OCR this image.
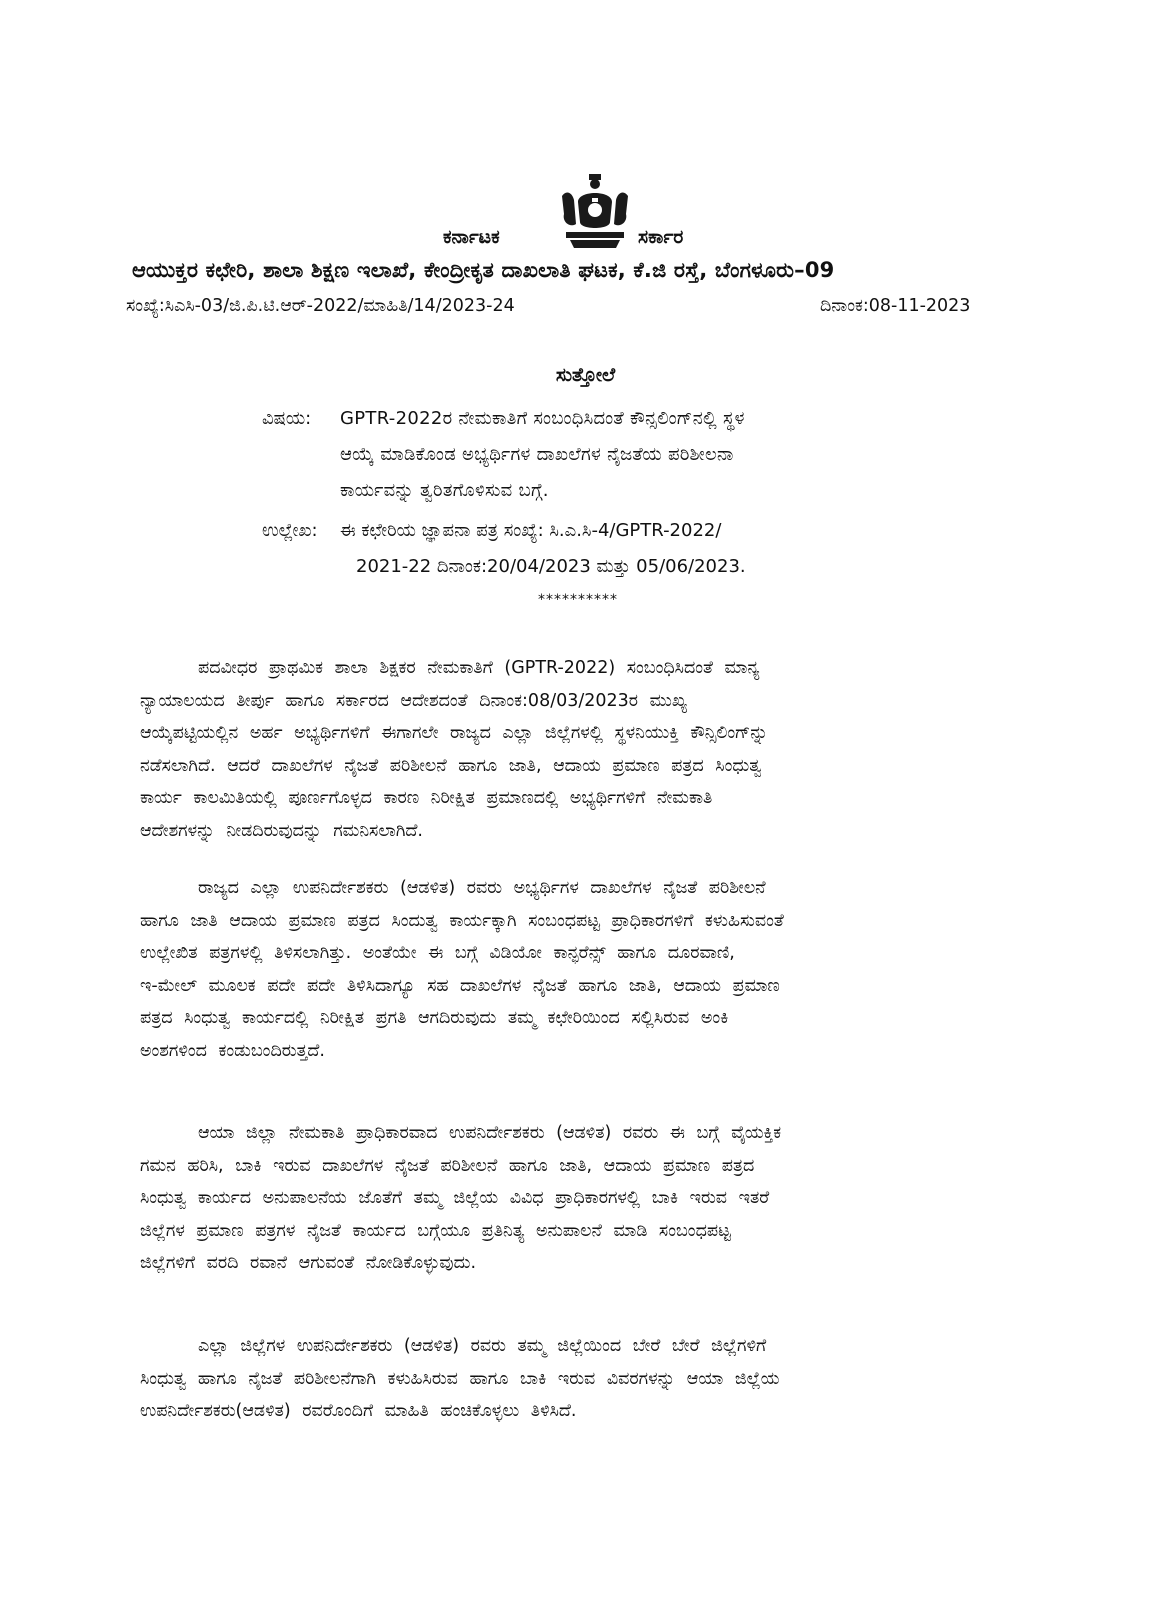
ಕರ್ನಾಟಕ	ಸರ್ಕಾರ
ಆಯುಕ್ತರ ಕಛೇರಿ, ಶಾಲಾ ಶಿಕ್ಷಣ ಇಲಾಖೆ, ಕೇಂದ್ರೀಕೃತ ದಾಖಲಾತಿ ಘಟಕ, ಕೆ.ಜಿ ರಸ್ತೆ, ಬೆಂಗಳೂರು–09
ಸಂಖ್ಯೆ:ಸಿಎಸಿ-03/ಜಿ.ಪಿ.ಟಿ.ಆರ್-2022/ಮಾಹಿತಿ/14/2023-24	ದಿನಾಂಕ:08-11-2023
ಸುತ್ತೋಲೆ
ವಿಷಯ: GPTR-2022ರ ನೇಮಕಾತಿಗೆ ಸಂಬಂಧಿಸಿದಂತೆ ಕೌನ್ಸಲಿಂಗ್‌ನಲ್ಲಿ ಸ್ಥಳ
ಆಯ್ಕೆ ಮಾಡಿಕೊಂಡ ಅಭ್ಯರ್ಥಿಗಳ ದಾಖಲೆಗಳ ನೈಜತೆಯ ಪರಿಶೀಲನಾ
ಕಾರ್ಯವನ್ನು ತ್ವರಿತಗೊಳಿಸುವ ಬಗ್ಗೆ.
ಉಲ್ಲೇಖ: ಈ ಕಛೇರಿಯ ಜ್ಞಾಪನಾ ಪತ್ರ ಸಂಖ್ಯೆ: ಸಿ.ಎ.ಸಿ-4/GPTR-2022/
2021-22 ದಿನಾಂಕ:20/04/2023 ಮತ್ತು 05/06/2023.
**********
ಪದವೀಧರ ಪ್ರಾಥಮಿಕ ಶಾಲಾ ಶಿಕ್ಷಕರ ನೇಮಕಾತಿಗೆ (GPTR-2022) ಸಂಬಂಧಿಸಿದಂತೆ ಮಾನ್ಯ
ನ್ಯಾಯಾಲಯದ ತೀರ್ಪು ಹಾಗೂ ಸರ್ಕಾರದ ಆದೇಶದಂತೆ ದಿನಾಂಕ:08/03/2023ರ ಮುಖ್ಯ
ಆಯ್ಕೆಪಟ್ಟಿಯಲ್ಲಿನ ಅರ್ಹ ಅಭ್ಯರ್ಥಿಗಳಿಗೆ ಈಗಾಗಲೇ ರಾಜ್ಯದ ಎಲ್ಲಾ ಜಿಲ್ಲೆಗಳಲ್ಲಿ ಸ್ಥಳನಿಯುಕ್ತಿ ಕೌನ್ಸಿಲಿಂಗ್‌ನ್ನು
ನಡೆಸಲಾಗಿದೆ. ಆದರೆ ದಾಖಲೆಗಳ ನೈಜತೆ ಪರಿಶೀಲನೆ ಹಾಗೂ ಜಾತಿ, ಆದಾಯ ಪ್ರಮಾಣ ಪತ್ರದ ಸಿಂಧುತ್ವ
ಕಾರ್ಯ ಕಾಲಮಿತಿಯಲ್ಲಿ ಪೂರ್ಣಗೊಳ್ಳದ ಕಾರಣ ನಿರೀಕ್ಷಿತ ಪ್ರಮಾಣದಲ್ಲಿ ಅಭ್ಯರ್ಥಿಗಳಿಗೆ ನೇಮಕಾತಿ
ಆದೇಶಗಳನ್ನು ನೀಡದಿರುವುದನ್ನು ಗಮನಿಸಲಾಗಿದೆ.
ರಾಜ್ಯದ ಎಲ್ಲಾ ಉಪನಿರ್ದೇಶಕರು (ಆಡಳಿತ) ರವರು ಅಭ್ಯರ್ಥಿಗಳ ದಾಖಲೆಗಳ ನೈಜತೆ ಪರಿಶೀಲನೆ
ಹಾಗೂ ಜಾತಿ ಆದಾಯ ಪ್ರಮಾಣ ಪತ್ರದ ಸಿಂದುತ್ವ ಕಾರ್ಯಕ್ಕಾಗಿ ಸಂಬಂಧಪಟ್ಟ ಪ್ರಾಧಿಕಾರಗಳಿಗೆ ಕಳುಹಿಸುವಂತೆ
ಉಲ್ಲೇಖಿತ ಪತ್ರಗಳಲ್ಲಿ ತಿಳಿಸಲಾಗಿತ್ತು. ಅಂತೆಯೇ ಈ ಬಗ್ಗೆ ವಿಡಿಯೋ ಕಾನ್ಫರೆನ್ಸ್ ಹಾಗೂ ದೂರವಾಣಿ,
ಇ-ಮೇಲ್ ಮೂಲಕ ಪದೇ ಪದೇ ತಿಳಿಸಿದಾಗ್ಯೂ ಸಹ ದಾಖಲೆಗಳ ನೈಜತೆ ಹಾಗೂ ಜಾತಿ, ಆದಾಯ ಪ್ರಮಾಣ
ಪತ್ರದ ಸಿಂಧುತ್ವ ಕಾರ್ಯದಲ್ಲಿ ನಿರೀಕ್ಷಿತ ಪ್ರಗತಿ ಆಗದಿರುವುದು ತಮ್ಮ ಕಛೇರಿಯಿಂದ ಸಲ್ಲಿಸಿರುವ ಅಂಕಿ
ಅಂಶಗಳಿಂದ ಕಂಡುಬಂದಿರುತ್ತದೆ.
ಆಯಾ ಜಿಲ್ಲಾ ನೇಮಕಾತಿ ಪ್ರಾಧಿಕಾರವಾದ ಉಪನಿರ್ದೇಶಕರು (ಆಡಳಿತ) ರವರು ಈ ಬಗ್ಗೆ ವೈಯಕ್ತಿಕ
ಗಮನ ಹರಿಸಿ, ಬಾಕಿ ಇರುವ ದಾಖಲೆಗಳ ನೈಜತೆ ಪರಿಶೀಲನೆ ಹಾಗೂ ಜಾತಿ, ಆದಾಯ ಪ್ರಮಾಣ ಪತ್ರದ
ಸಿಂಧುತ್ವ ಕಾರ್ಯದ ಅನುಪಾಲನೆಯ ಜೊತೆಗೆ ತಮ್ಮ ಜಿಲ್ಲೆಯ ವಿವಿಧ ಪ್ರಾಧಿಕಾರಗಳಲ್ಲಿ ಬಾಕಿ ಇರುವ ಇತರೆ
ಜಿಲ್ಲೆಗಳ ಪ್ರಮಾಣ ಪತ್ರಗಳ ನೈಜತೆ ಕಾರ್ಯದ ಬಗ್ಗೆಯೂ ಪ್ರತಿನಿತ್ಯ ಅನುಪಾಲನೆ ಮಾಡಿ ಸಂಬಂಧಪಟ್ಟ
ಜಿಲ್ಲೆಗಳಿಗೆ ವರದಿ ರವಾನೆ ಆಗುವಂತೆ ನೋಡಿಕೊಳ್ಳುವುದು.
ಎಲ್ಲಾ ಜಿಲ್ಲೆಗಳ ಉಪನಿರ್ದೇಶಕರು (ಆಡಳಿತ) ರವರು ತಮ್ಮ ಜಿಲ್ಲೆಯಿಂದ ಬೇರೆ ಬೇರೆ ಜಿಲ್ಲೆಗಳಿಗೆ
ಸಿಂಧುತ್ವ ಹಾಗೂ ನೈಜತೆ ಪರಿಶೀಲನೆಗಾಗಿ ಕಳುಹಿಸಿರುವ ಹಾಗೂ ಬಾಕಿ ಇರುವ ವಿವರಗಳನ್ನು ಆಯಾ ಜಿಲ್ಲೆಯ
ಉಪನಿರ್ದೇಶಕರು(ಆಡಳಿತ) ರವರೊಂದಿಗೆ ಮಾಹಿತಿ ಹಂಚಿಕೊಳ್ಳಲು ತಿಳಿಸಿದೆ.
